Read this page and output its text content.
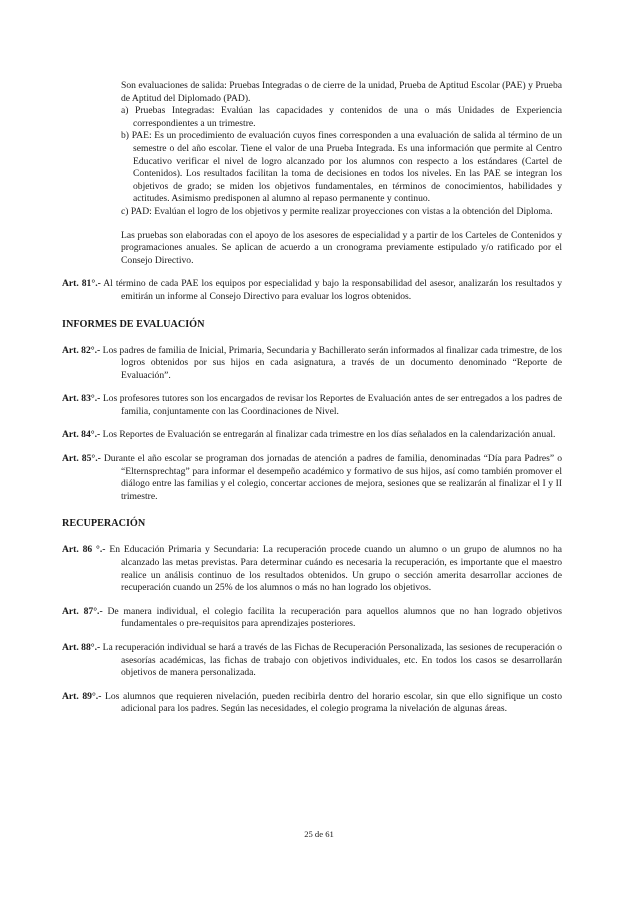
Son evaluaciones de salida: Pruebas Integradas o de cierre de la unidad, Prueba de Aptitud Escolar (PAE) y Prueba de Aptitud del Diplomado (PAD).

a) Pruebas Integradas: Evalúan las capacidades y contenidos de una o más Unidades de Experiencia correspondientes a un trimestre.

b) PAE: Es un procedimiento de evaluación cuyos fines corresponden a una evaluación de salida al término de un semestre o del año escolar. Tiene el valor de una Prueba Integrada. Es una información que permite al Centro Educativo verificar el nivel de logro alcanzado por los alumnos con respecto a los estándares (Cartel de Contenidos). Los resultados facilitan la toma de decisiones en todos los niveles. En las PAE se integran los objetivos de grado; se miden los objetivos fundamentales, en términos de conocimientos, habilidades y actitudes. Asimismo predisponen al alumno al repaso permanente y continuo.

c) PAD: Evalúan el logro de los objetivos y permite realizar proyecciones con vistas a la obtención del Diploma.

Las pruebas son elaboradas con el apoyo de los asesores de especialidad y a partir de los Carteles de Contenidos y programaciones anuales. Se aplican de acuerdo a un cronograma previamente estipulado y/o ratificado por el Consejo Directivo.

Art. 81°.- Al término de cada PAE los equipos por especialidad y bajo la responsabilidad del asesor, analizarán los resultados y emitirán un informe al Consejo Directivo para evaluar los logros obtenidos.

INFORMES DE EVALUACIÓN

Art. 82°.- Los padres de familia de Inicial, Primaria, Secundaria y Bachillerato serán informados al finalizar cada trimestre, de los logros obtenidos por sus hijos en cada asignatura, a través de un documento denominado “Reporte de Evaluación”.

Art. 83°.- Los profesores tutores son los encargados de revisar los Reportes de Evaluación antes de ser entregados a los padres de familia, conjuntamente con las Coordinaciones de Nivel.

Art. 84°.- Los Reportes de Evaluación se entregarán al finalizar cada trimestre en los días señalados en la calendarización anual.

Art. 85°.- Durante el año escolar se programan dos jornadas de atención a padres de familia, denominadas “Día para Padres” o “Elternsprechtag” para informar el desempeño académico y formativo de sus hijos, así como también promover el diálogo entre las familias y el colegio, concertar acciones de mejora, sesiones que se realizarán al finalizar el I y II trimestre.

RECUPERACIÓN

Art. 86 °.- En Educación Primaria y Secundaria: La recuperación procede cuando un alumno o un grupo de alumnos no ha alcanzado las metas previstas. Para determinar cuándo es necesaria la recuperación, es importante que el maestro realice un análisis continuo de los resultados obtenidos. Un grupo o sección amerita desarrollar acciones de recuperación cuando un 25% de los alumnos o más no han logrado los objetivos.

Art. 87°.- De manera individual, el colegio facilita la recuperación para aquellos alumnos que no han logrado objetivos fundamentales o pre-requisitos para aprendizajes posteriores.

Art. 88°.- La recuperación individual se hará a través de las Fichas de Recuperación Personalizada, las sesiones de recuperación o asesorías académicas, las fichas de trabajo con objetivos individuales, etc. En todos los casos se desarrollarán objetivos de manera personalizada.

Art. 89°.- Los alumnos que requieren nivelación, pueden recibirla dentro del horario escolar, sin que ello signifique un costo adicional para los padres. Según las necesidades, el colegio programa la nivelación de algunas áreas.

25 de 61
